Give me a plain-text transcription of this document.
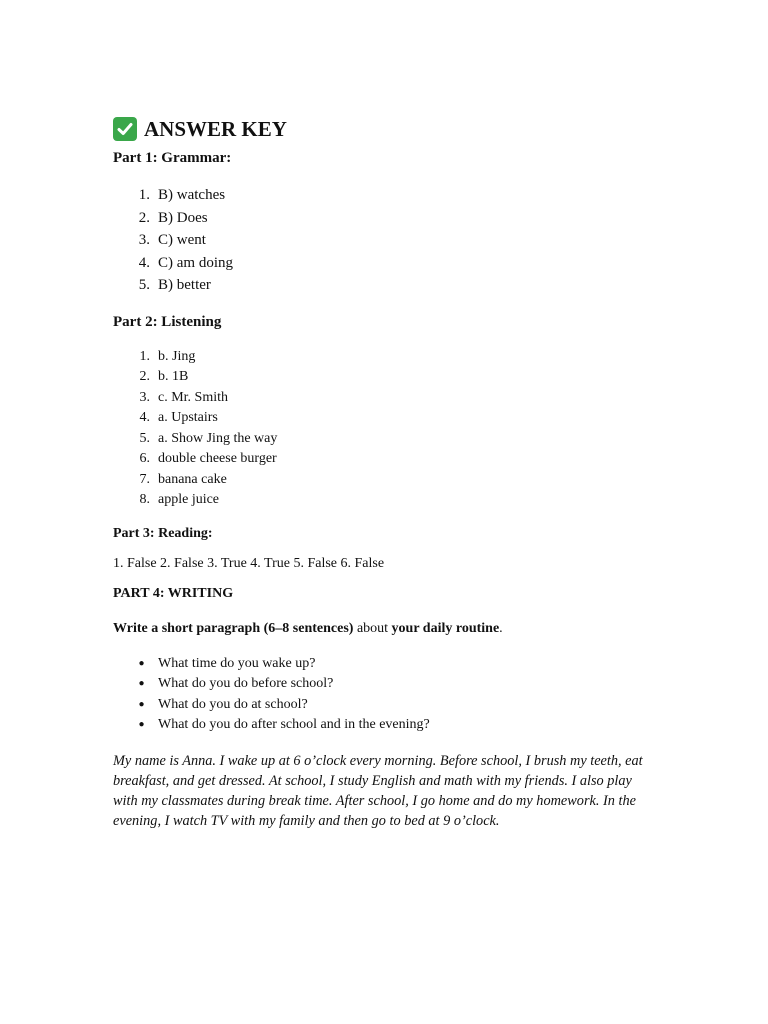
ANSWER KEY

Part 1: Grammar:

1. B) watches
2. B) Does
3. C) went
4. C) am doing
5. B) better

Part 2: Listening

1. b. Jing
2. b. 1B
3. c. Mr. Smith
4. a. Upstairs
5. a. Show Jing the way
6. double cheese burger
7. banana cake
8. apple juice

Part 3: Reading:

1. False 2. False 3. True 4. True 5. False 6. False

PART 4: WRITING

Write a short paragraph (6–8 sentences) about your daily routine.

● What time do you wake up?
● What do you do before school?
● What do you do at school?
● What do you do after school and in the evening?

My name is Anna. I wake up at 6 o’clock every morning. Before school, I brush my teeth, eat breakfast, and get dressed. At school, I study English and math with my friends. I also play with my classmates during break time. After school, I go home and do my homework. In the evening, I watch TV with my family and then go to bed at 9 o’clock.
